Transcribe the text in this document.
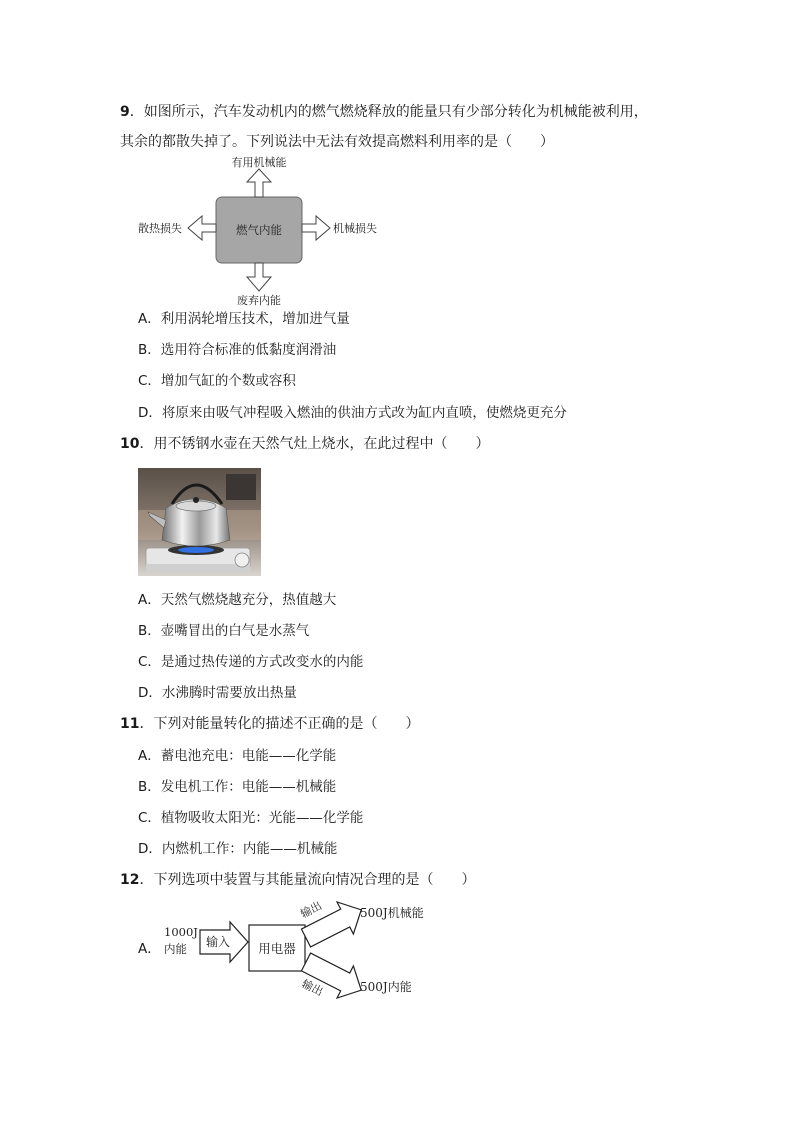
9．如图所示，汽车发动机内的燃气燃烧释放的能量只有少部分转化为机械能被利用，
其余的都散失掉了。下列说法中无法有效提高燃料利用率的是（　　）
燃气内能
有用机械能
废弃内能
散热损失	机械损失
A．利用涡轮增压技术，增加进气量
B．选用符合标准的低黏度润滑油
C．增加气缸的个数或容积
D．将原来由吸气冲程吸入燃油的供油方式改为缸内直喷，使燃烧更充分
10．用不锈钢水壶在天然气灶上烧水，在此过程中（　　）
A．天然气燃烧越充分，热值越大
B．壶嘴冒出的白气是水蒸气
C．是通过热传递的方式改变水的内能
D．水沸腾时需要放出热量
11．下列对能量转化的描述不正确的是（　　）
A．蓄电池充电：电能——化学能
B．发电机工作：电能——机械能
C．植物吸收太阳光：光能——化学能
D．内燃机工作：内能——机械能
12．下列选项中装置与其能量流向情况合理的是（　　）
A．
1000J
内能 输入 用电器
输出
输出
500J机械能
500J内能
